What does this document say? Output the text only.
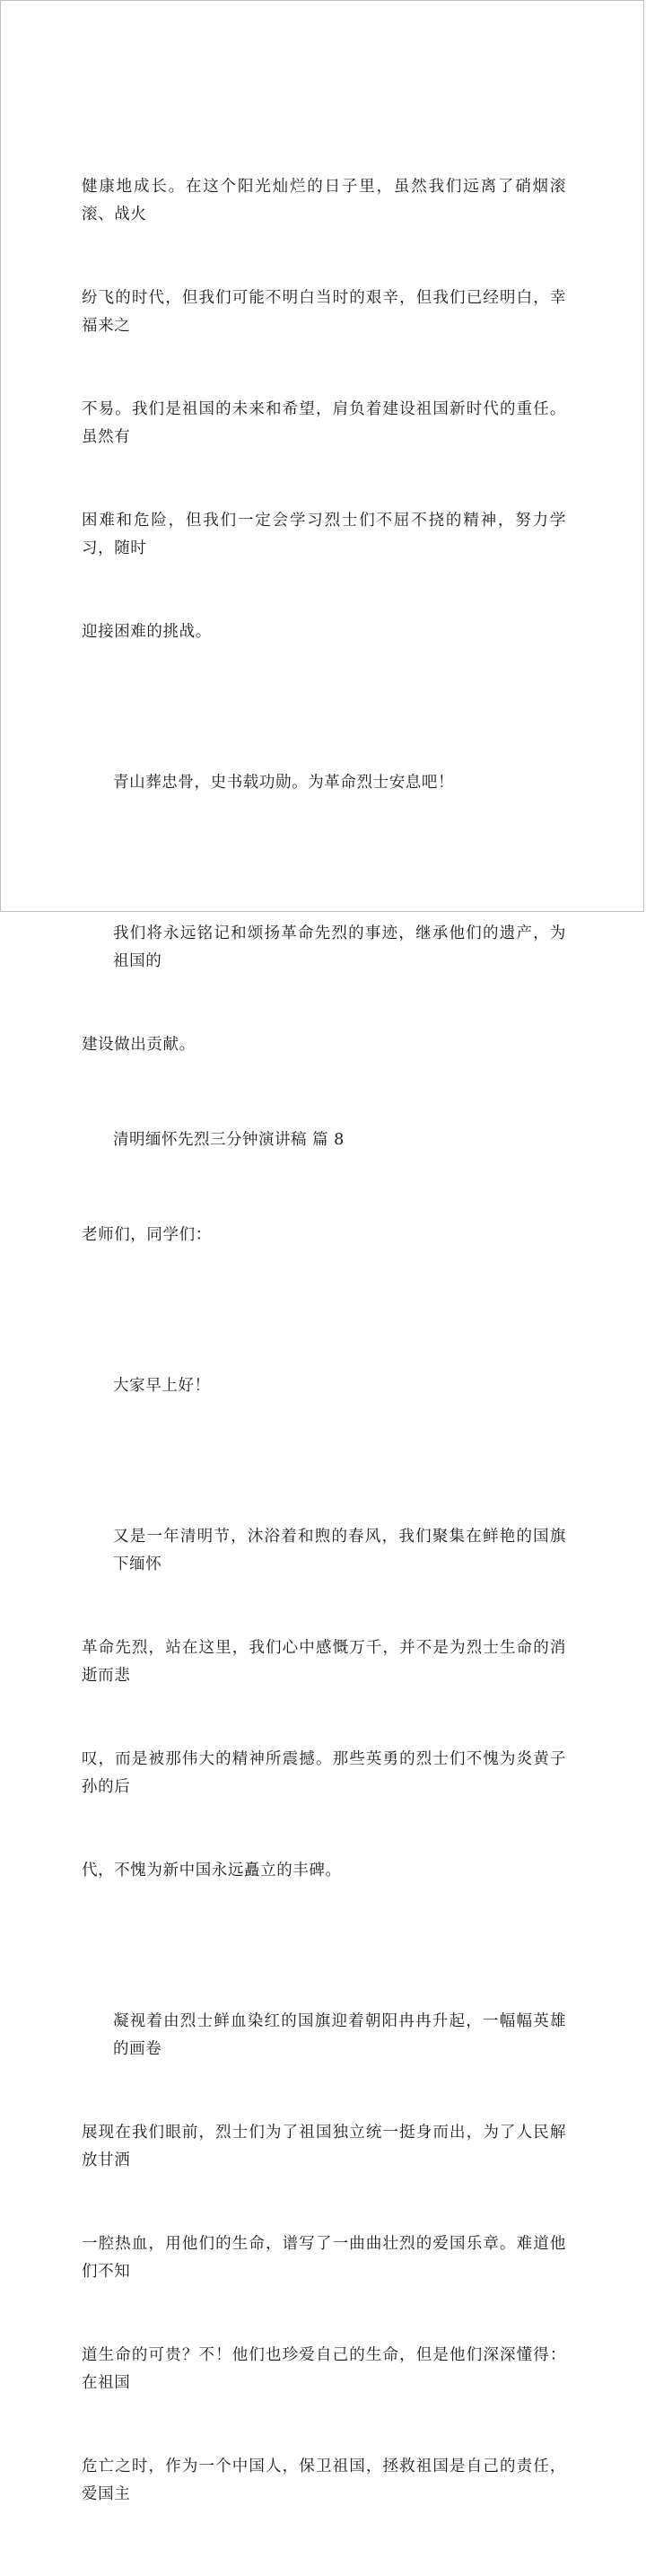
健康地成长。在这个阳光灿烂的日子里，虽然我们远离了硝烟滚滚、战火

纷飞的时代，但我们可能不明白当时的艰辛，但我们已经明白，幸福来之

不易。我们是祖国的未来和希望，肩负着建设祖国新时代的重任。虽然有

困难和危险，但我们一定会学习烈士们不屈不挠的精神，努力学习，随时

迎接困难的挑战。

青山葬忠骨，史书载功勋。为革命烈士安息吧！

我们将永远铭记和颂扬革命先烈的事迹，继承他们的遗产，为祖国的

建设做出贡献。

清明缅怀先烈三分钟演讲稿 篇 8

老师们，同学们：

大家早上好！

又是一年清明节，沐浴着和煦的春风，我们聚集在鲜艳的国旗下缅怀

革命先烈，站在这里，我们心中感慨万千，并不是为烈士生命的消逝而悲

叹，而是被那伟大的精神所震撼。那些英勇的烈士们不愧为炎黄子孙的后

代，不愧为新中国永远矗立的丰碑。

凝视着由烈士鲜血染红的国旗迎着朝阳冉冉升起，一幅幅英雄的画卷

展现在我们眼前，烈士们为了祖国独立统一挺身而出，为了人民解放甘洒

一腔热血，用他们的生命，谱写了一曲曲壮烈的爱国乐章。难道他们不知

道生命的可贵？不！他们也珍爱自己的生命，但是他们深深懂得：在祖国

危亡之时，作为一个中国人，保卫祖国，拯救祖国是自己的责任，爱国主
